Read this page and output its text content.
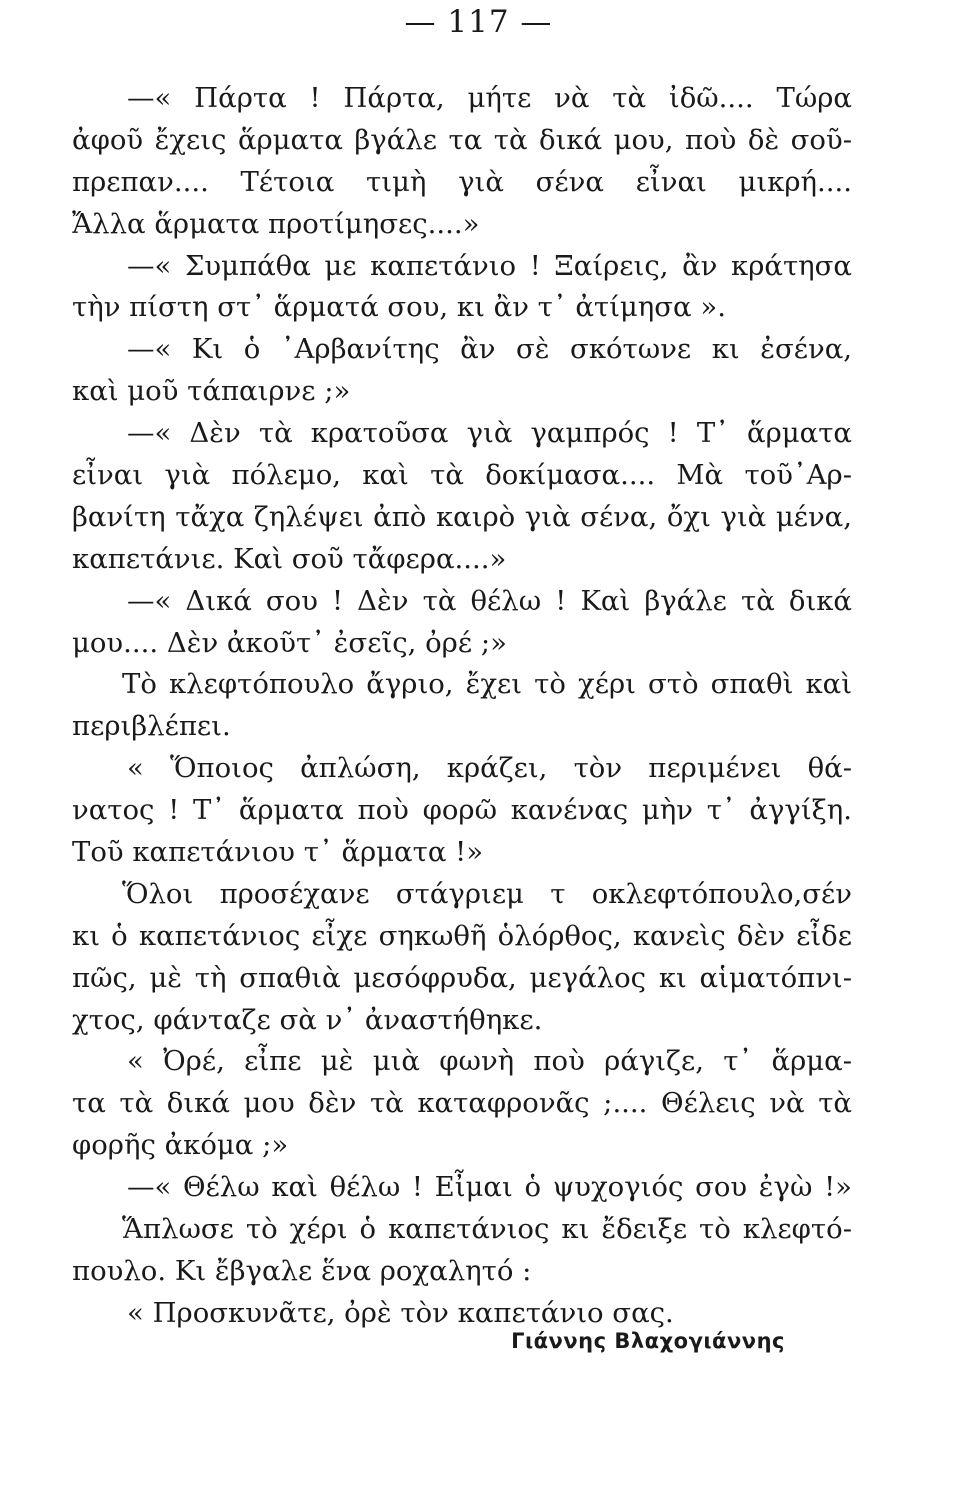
— 117 —
—« Πάρτα ! Πάρτα, μήτε νὰ τὰ ἰδῶ.... Τώρα
ἀφοῦ ἔχεις ἅρματα βγάλε τα τὰ δικά μου, ποὺ δὲ σοῦ-
πρεπαν.... Τέτοια τιμὴ γιὰ σένα εἶναι μικρή....
Ἄλλα ἅρματα προτίμησες....»
—« Συμπάθα με καπετάνιο ! Ξαίρεις, ἂν κράτησα
τὴν πίστη στ᾽ ἅρματά σου, κι ἂν τ᾽ ἀτίμησα ».
—« Κι ὁ ᾽Αρβανίτης ἂν σὲ σκότωνε κι ἐσένα,
καὶ μοῦ τάπαιρνε ;»
—« Δὲν τὰ κρατοῦσα γιὰ γαμπρός ! Τ᾽ ἅρματα
εἶναι γιὰ πόλεμο, καὶ τὰ δοκίμασα.... Μὰ τοῦ᾽Αρ-
βανίτη τἄχα ζηλέψει ἀπὸ καιρὸ γιὰ σένα, ὄχι γιὰ μένα,
καπετάνιε. Καὶ σοῦ τἄφερα....»
—« Δικά σου ! Δὲν τὰ θέλω ! Καὶ βγάλε τὰ δικά
μου.... Δὲν ἀκοῦτ᾽ ἐσεῖς, ὀρέ ;»
Τὸ κλεφτόπουλο ἄγριο, ἔχει τὸ χέρι στὸ σπαθὶ καὶ
περιβλέπει.
« Ὅποιος ἀπλώση, κράζει, τὸν περιμένει θά-
νατος ! Τ᾽ ἅρματα ποὺ φορῶ κανένας μὴν τ᾽ ἀγγίξη.
Τοῦ καπετάνιου τ᾽ ἅρματα !»
Ὅλοι προσέχανε στάγριεμ τ οκλεφτόπουλο,σέν
κι ὁ καπετάνιος εἶχε σηκωθῆ ὁλόρθος, κανεὶς δὲν εἶδε
πῶς, μὲ τὴ σπαθιὰ μεσόφρυδα, μεγάλος κι αἱματόπνι-
χτος, φάνταζε σὰ ν᾽ ἀναστήθηκε.
« Ὀρέ, εἶπε μὲ μιὰ φωνὴ ποὺ ράγιζε, τ᾽ ἅρμα-
τα τὰ δικά μου δὲν τὰ καταφρονᾶς ;.... Θέλεις νὰ τὰ
φορῆς ἀκόμα ;»
—« Θέλω καὶ θέλω ! Εἶμαι ὁ ψυχογιός σου ἐγὼ !»
Ἅπλωσε τὸ χέρι ὁ καπετάνιος κι ἔδειξε τὸ κλεφτό-
πουλο. Κι ἔβγαλε ἕνα ροχαλητό :
« Προσκυνᾶτε, ὀρὲ τὸν καπετάνιο σας.
Γιάννης Βλαχογιάννης
